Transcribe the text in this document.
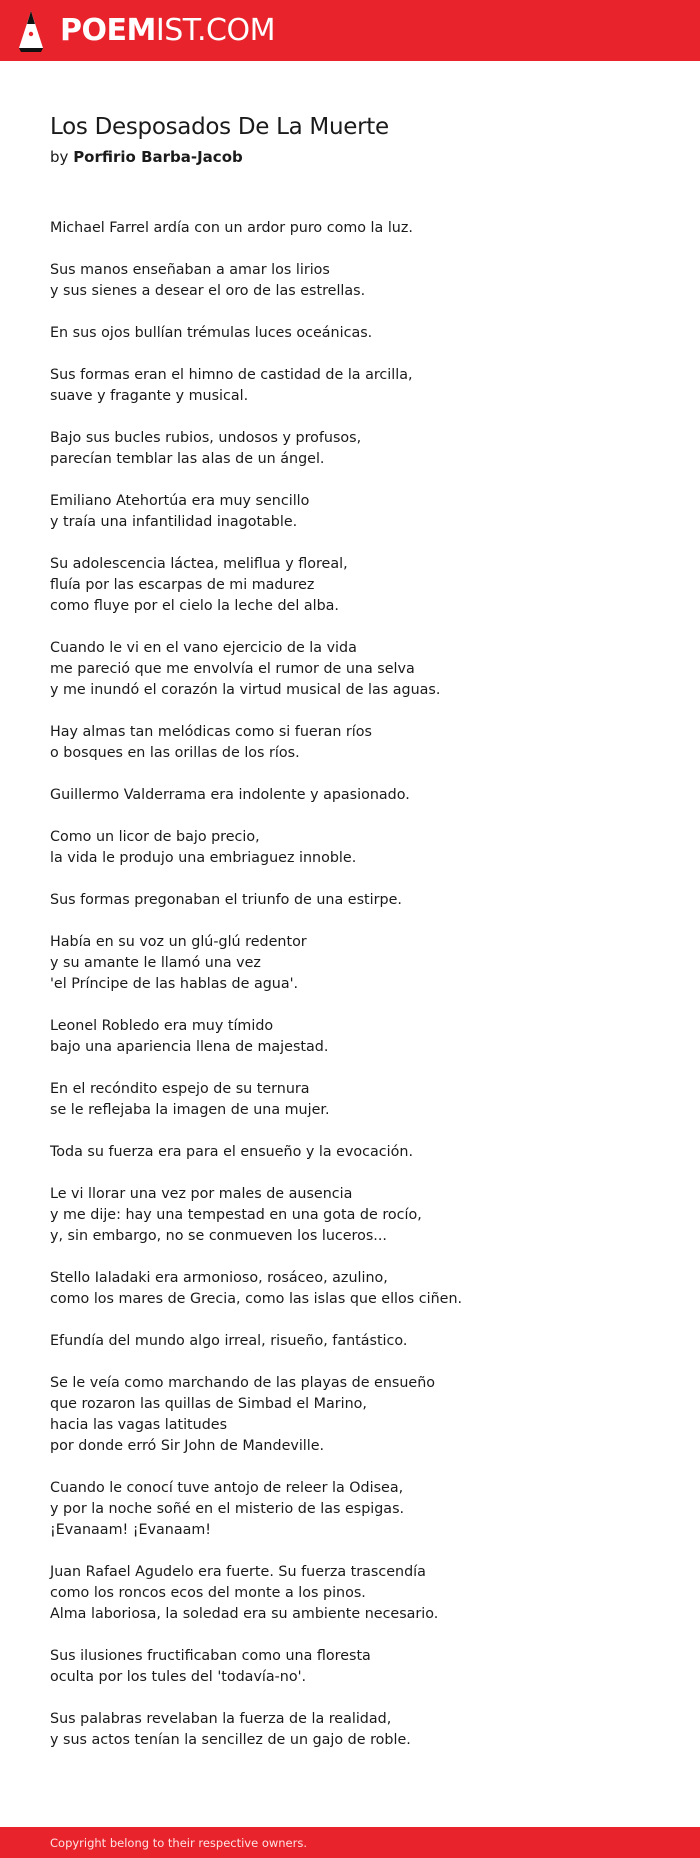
POEMIST.COM
Los Desposados De La Muerte
by Porfirio Barba-Jacob

Michael Farrel ardía con un ardor puro como la luz.

Sus manos enseñaban a amar los lirios
y sus sienes a desear el oro de las estrellas.

En sus ojos bullían trémulas luces oceánicas.

Sus formas eran el himno de castidad de la arcilla,
suave y fragante y musical.

Bajo sus bucles rubios, undosos y profusos,
parecían temblar las alas de un ángel.

Emiliano Atehortúa era muy sencillo
y traía una infantilidad inagotable.

Su adolescencia láctea, meliflua y floreal,
fluía por las escarpas de mi madurez
como fluye por el cielo la leche del alba.

Cuando le vi en el vano ejercicio de la vida
me pareció que me envolvía el rumor de una selva
y me inundó el corazón la virtud musical de las aguas.

Hay almas tan melódicas como si fueran ríos
o bosques en las orillas de los ríos.

Guillermo Valderrama era indolente y apasionado.

Como un licor de bajo precio,
la vida le produjo una embriaguez innoble.

Sus formas pregonaban el triunfo de una estirpe.

Había en su voz un glú-glú redentor
y su amante le llamó una vez
'el Príncipe de las hablas de agua'.

Leonel Robledo era muy tímido
bajo una apariencia llena de majestad.

En el recóndito espejo de su ternura
se le reflejaba la imagen de una mujer.

Toda su fuerza era para el ensueño y la evocación.

Le vi llorar una vez por males de ausencia
y me dije: hay una tempestad en una gota de rocío,
y, sin embargo, no se conmueven los luceros...

Stello Ialadaki era armonioso, rosáceo, azulino,
como los mares de Grecia, como las islas que ellos ciñen.

Efundía del mundo algo irreal, risueño, fantástico.

Se le veía como marchando de las playas de ensueño
que rozaron las quillas de Simbad el Marino,
hacia las vagas latitudes
por donde erró Sir John de Mandeville.

Cuando le conocí tuve antojo de releer la Odisea,
y por la noche soñé en el misterio de las espigas.
¡Evanaam! ¡Evanaam!

Juan Rafael Agudelo era fuerte. Su fuerza trascendía
como los roncos ecos del monte a los pinos.
Alma laboriosa, la soledad era su ambiente necesario.

Sus ilusiones fructificaban como una floresta
oculta por los tules del 'todavía-no'.

Sus palabras revelaban la fuerza de la realidad,
y sus actos tenían la sencillez de un gajo de roble.

Copyright belong to their respective owners.
